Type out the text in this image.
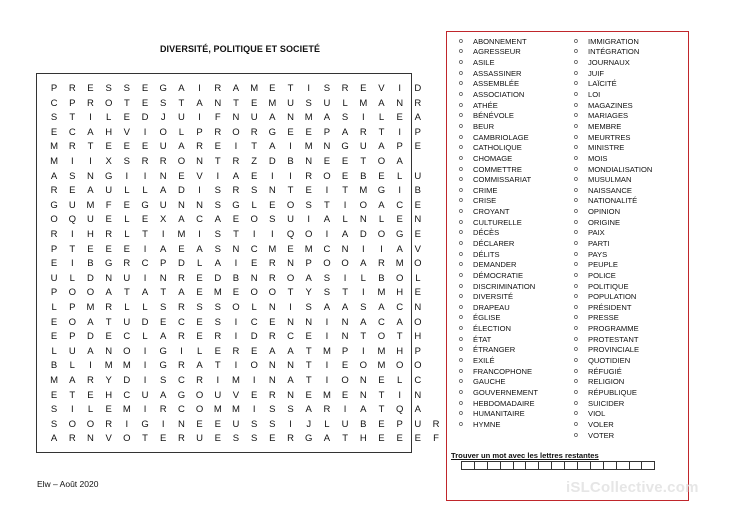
DIVERSITÉ, POLITIQUE ET SOCIETÉ
P	R	E	S	S	E	G	A	I	R	A	M	E	T	I	S	R	E	V	I	D
C	P	R	O	T	E	S	T	A	N	T	E	M	U	S	U	L	M	A	N	R
S	T	I	L	E	D	J	U	I	F	N	U	A	N	M	A	S	I	L	E	A
E	C	A	H	V	I	O	L	P	R	O	R	G	E	E	P	A	R	T	I	P
M	R	T	E	E	E	U	A	R	E	I	T	A	I	M	N	G	U	A	P	E
M	I	I	X	S	R	R	O	N	T	R	Z	D	B	N	E	E	T	O	A
A	S	N	G	I	I	N	E	V	I	A	E	I	I	R	O	E	B	E	L	U
R	E	A	U	L	L	A	D	I	S	R	S	N	T	E	I	T	M	G	I	B
G	U	M	F	E	G	U	N	N	S	G	L	E	O	S	T	I	O	A	C	E
O	Q	U	E	L	E	X	A	C	A	E	O	S	U	I	A	L	N	L	E	N
R	I	H	R	L	T	I	M	I	S	T	I	I	Q	O	I	A	D	O	G	E
P	T	E	E	E	I	A	E	A	S	N	C	M	E	M	C	N	I	I	A	V
E	I	B	G	R	C	P	D	L	A	I	E	R	N	P	O	O	A	R	M	O
U	L	D	N	U	I	N	R	E	D	B	N	R	O	A	S	I	L	B	O	L
P	O	O	A	T	A	T	A	E	M	E	O	O	T	Y	S	T	I	M	H	E
L	P	M	R	L	L	S	R	S	S	O	L	N	I	S	A	A	S	A	C	N
E	O	A	T	U	D	E	C	E	S	I	C	E	N	N	I	N	A	C	A	O
E	P	D	E	C	L	A	R	E	R	I	D	R	C	E	I	N	T	O	T	H
L	U	A	N	O	I	G	I	L	E	R	E	A	A	T	M	P	I	M	H	P
B	L	I	M	M	I	G	R	A	T	I	O	N	N	T	I	E	O	M	O	O
M	A	R	Y	D	I	S	C	R	I	M	I	N	A	T	I	O	N	E	L	C
E	T	E	H	C	U	A	G	O	U	V	E	R	N	E	M	E	N	T	I	N
S	I	L	E	M	I	R	C	O	M	M	I	S	S	A	R	I	A	T	Q	A
S	O	O	R	I	G	I	N	E	E	U	S	S	I	J	L	U	B	E	P	U	R
A	R	N	V	O	T	E	R	U	E	S	S	E	R	G	A	T	H	E	E	E	F
Elw – Août 2020
o	ABONNEMENT
o	AGRESSEUR
o	ASILE
o	ASSASSINER
o	ASSEMBLÉE
o	ASSOCIATION
o	ATHÉE
o	BÉNÉVOLE
o	BEUR
o	CAMBRIOLAGE
o	CATHOLIQUE
o	CHOMAGE
o	COMMETTRE
o	COMMISSARIAT
o	CRIME
o	CRISE
o	CROYANT
o	CULTURELLE
o	DÉCÈS
o	DÉCLARER
o	DÉLITS
o	DEMANDER
o	DÉMOCRATIE
o	DISCRIMINATION
o	DIVERSITÉ
o	DRAPEAU
o	ÉGLISE
o	ÉLECTION
o	ÉTAT
o	ÉTRANGER
o	EXILÉ
o	FRANCOPHONE
o	GAUCHE
o	GOUVERNEMENT
o	HEBDOMADAIRE
o	HUMANITAIRE
o	HYMNE
o	IMMIGRATION
o	INTÉGRATION
o	JOURNAUX
o	JUIF
o	LAÏCITÉ
o	LOI
o	MAGAZINES
o	MARIAGES
o	MEMBRE
o	MEURTRES
o	MINISTRE
o	MOIS
o	MONDIALISATION
o	MUSULMAN
o	NAISSANCE
o	NATIONALITÉ
o	OPINION
o	ORIGINE
o	PAIX
o	PARTI
o	PAYS
o	PEUPLE
o	POLICE
o	POLITIQUE
o	POPULATION
o	PRÉSIDENT
o	PRESSE
o	PROGRAMME
o	PROTESTANT
o	PROVINCIALE
o	QUOTIDIEN
o	RÉFUGIÉ
o	RELIGION
o	RÉPUBLIQUE
o	SUICIDER
o	VIOL
o	VOLER
o	VOTER
Trouver un mot avec les lettres restantes
iSLCollective.com
